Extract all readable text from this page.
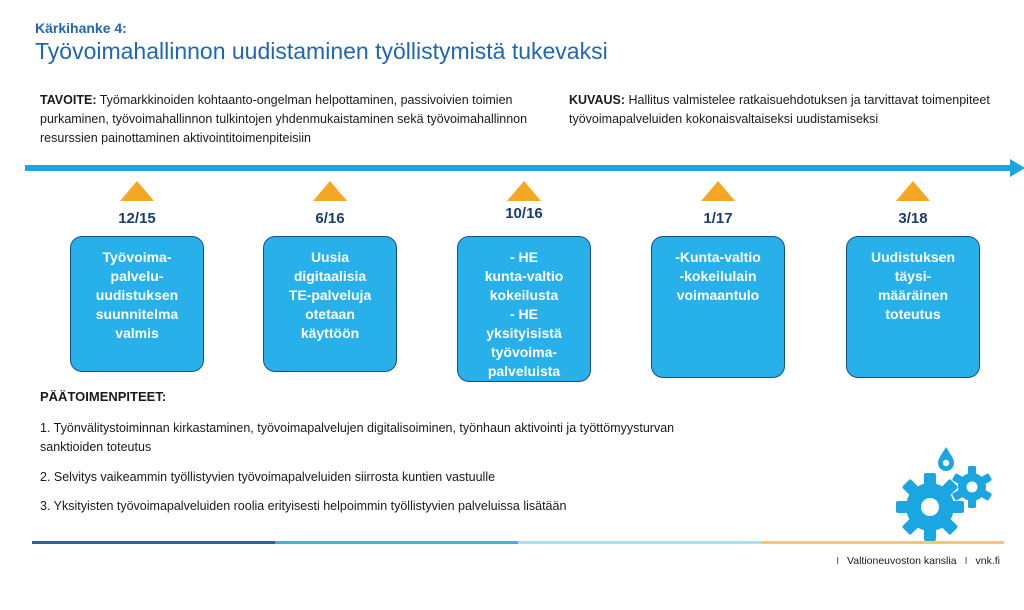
Kärkihanke 4:
Työvoimahallinnon uudistaminen työllistymistä tukevaksi
TAVOITE: Työmarkkinoiden kohtaanto-ongelman helpottaminen, passivoivien toimien purkaminen, työvoimahallinnon tulkintojen yhdenmukaistaminen sekä työvoimahallinnon resurssien painottaminen aktivointitoimenpiteisiin
KUVAUS: Hallitus valmistelee ratkaisuehdotuksen ja tarvittavat toimenpiteet työvoimapalveluiden kokonaisvaltaiseksi uudistamiseksi
12/15
Työvoima-
palvelu-
uudistuksen
suunnitelma
valmis
6/16
Uusia
digitaalisia
TE-palveluja
otetaan
käyttöön
10/16
- HE
kunta-valtio
kokeilusta
- HE
yksityisistä
työvoima-
palveluista
1/17
-Kunta-valtio
-kokeilulain
voimaantulo
3/18
Uudistuksen
täysi-
määräinen
toteutus
PÄÄTOIMENPITEET:
1. Työnvälitystoiminnan kirkastaminen, työvoimapalvelujen digitalisoiminen, työnhaun aktivointi ja työttömyysturvan sanktioiden toteutus
2. Selvitys vaikeammin työllistyvien työvoimapalveluiden siirrosta kuntien vastuulle
3. Yksityisten työvoimapalveluiden roolia erityisesti helpoimmin työllistyvien palveluissa lisätään
I Valtioneuvoston kanslia I vnk.fi
